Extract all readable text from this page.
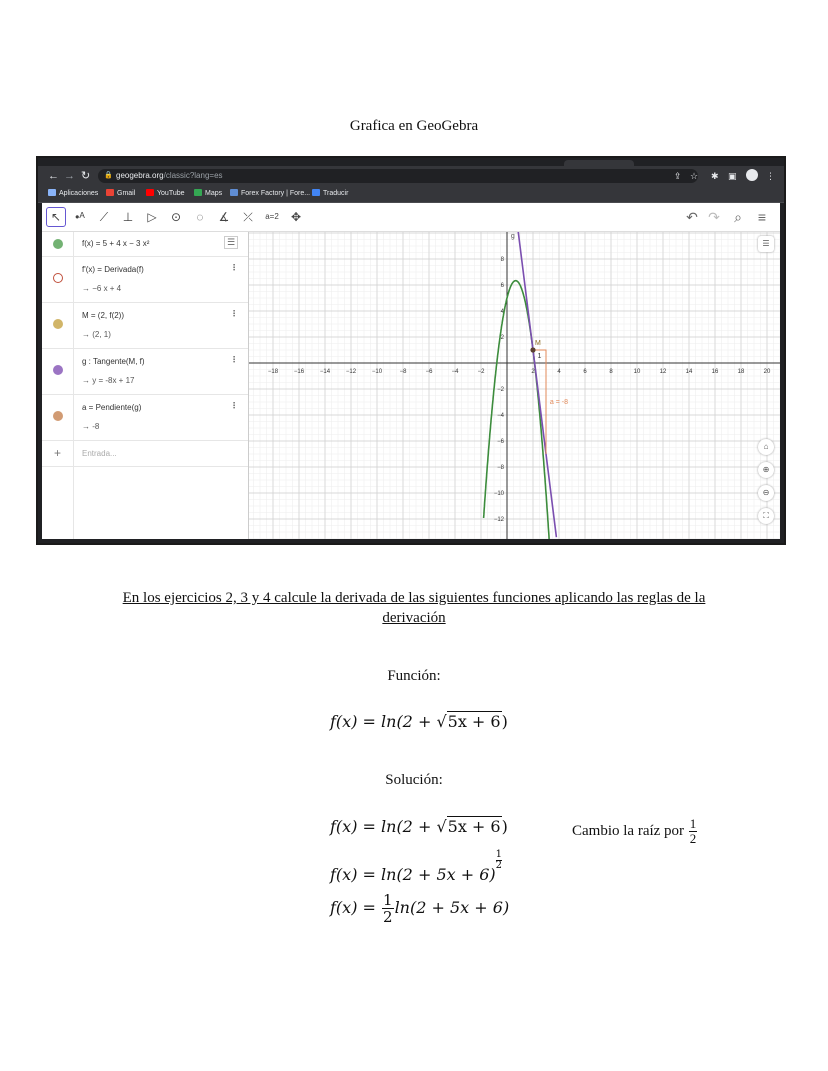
Grafica en GeoGebra
← → ↻ 🔒 geogebra.org/classic?lang=es	⇪ ☆ ✱ ▣	⋮
Aplicaciones	Gmail	YouTube	Maps	Forex Factory | Fore...	Traducir
↖	•ᴬ	⟋	⊥	▷	⊙	◌	∡	⤫	a=2	✥	↶ ↷	⌕	≡
f(x) = 5 + 4 x − 3 x²	☰
f'(x) = Derivada(f)
→ −6 x + 4
⋮
M = (2, f(2))
→ (2, 1)
⋮
g : Tangente(M, f)
→ y = -8x + 17
⋮
a = Pendiente(g)
→ -8
⋮
+	Entrada...
−18	−16	−14	−12	−10	−8	−6	−4	−2	2	4	6	8	10	12	14	16	18	20
8
6
4
2
−2
−4
−6
−8
−10
−12
1
a = -8
M
g
☰
⌂
⊕
⊖
⛶
En los ejercicios 2, 3 y 4 calcule la derivada de las siguientes funciones aplicando las reglas de la
derivación
Función:
f(x) = ln(2 + √5x + 6)
Solución:
f(x) = ln(2 + √5x + 6)	Cambio la raíz por $\frac{1}{2}$
f(x) = ln(2 + 5x + 6)
$\frac{1}{2}$
$f(x) = \frac{1}{2} \ln(2 + 5x + 6)$
